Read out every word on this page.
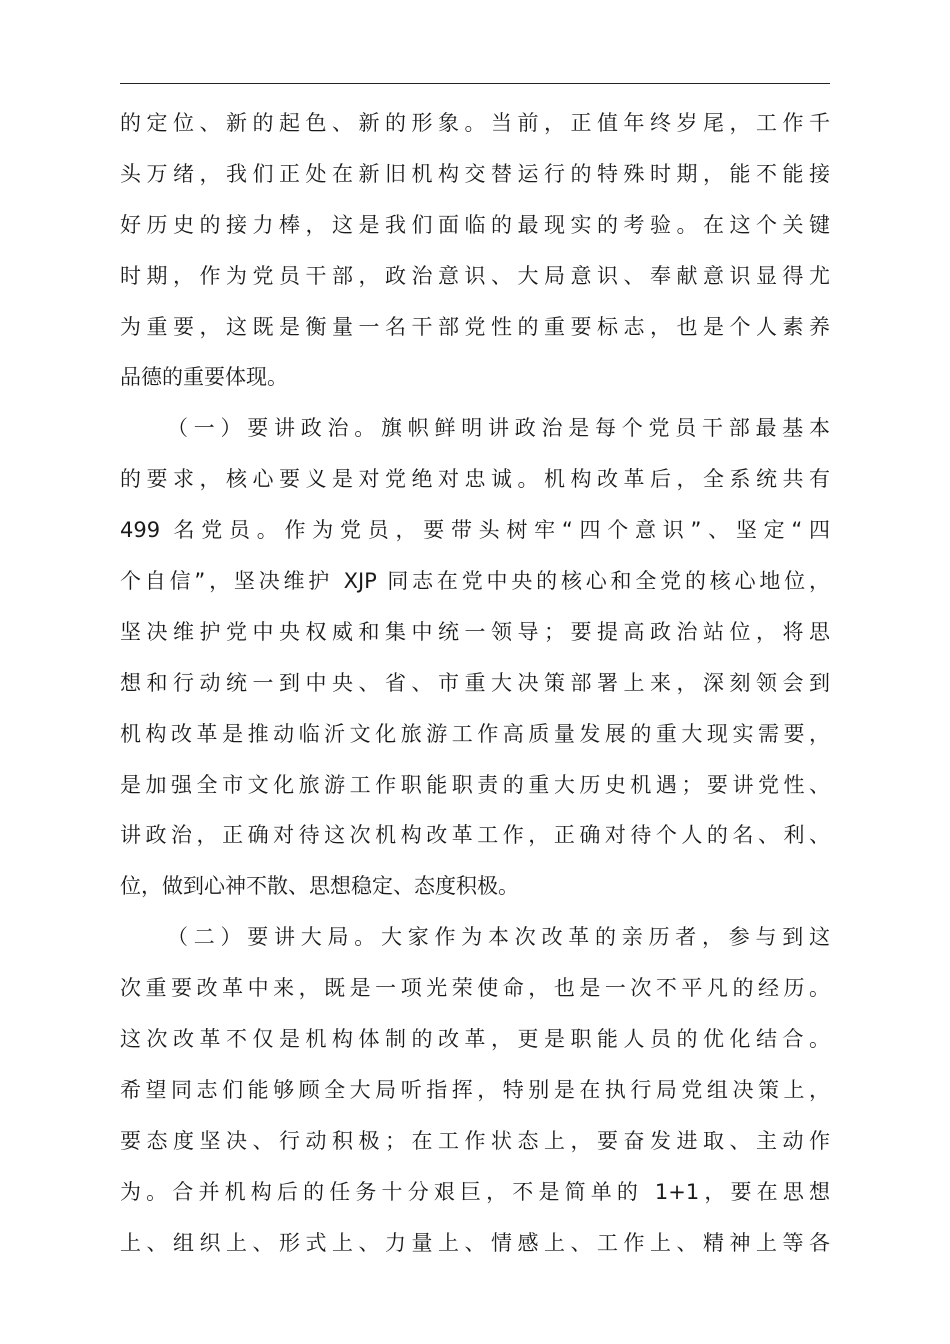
的定位、新的起色、新的形象。当前，正值年终岁尾，工作千
头万绪，我们正处在新旧机构交替运行的特殊时期，能不能接
好历史的接力棒，这是我们面临的最现实的考验。在这个关键
时期，作为党员干部，政治意识、大局意识、奉献意识显得尤
为重要，这既是衡量一名干部党性的重要标志，也是个人素养
品德的重要体现。
（一）要讲政治。旗帜鲜明讲政治是每个党员干部最基本
的要求，核心要义是对党绝对忠诚。机构改革后，全系统共有
499 名党员。作为党员，要带头树牢“四个意识”、坚定“四
个自信”，坚决维护 XJP 同志在党中央的核心和全党的核心地位，
坚决维护党中央权威和集中统一领导；要提高政治站位，将思
想和行动统一到中央、省、市重大决策部署上来，深刻领会到
机构改革是推动临沂文化旅游工作高质量发展的重大现实需要，
是加强全市文化旅游工作职能职责的重大历史机遇；要讲党性、
讲政治，正确对待这次机构改革工作，正确对待个人的名、利、
位，做到心神不散、思想稳定、态度积极。
（二）要讲大局。大家作为本次改革的亲历者，参与到这
次重要改革中来，既是一项光荣使命，也是一次不平凡的经历。
这次改革不仅是机构体制的改革，更是职能人员的优化结合。
希望同志们能够顾全大局听指挥，特别是在执行局党组决策上，
要态度坚决、行动积极；在工作状态上，要奋发进取、主动作
为。合并机构后的任务十分艰巨，不是简单的 1+1，要在思想
上、组织上、形式上、力量上、情感上、工作上、精神上等各
